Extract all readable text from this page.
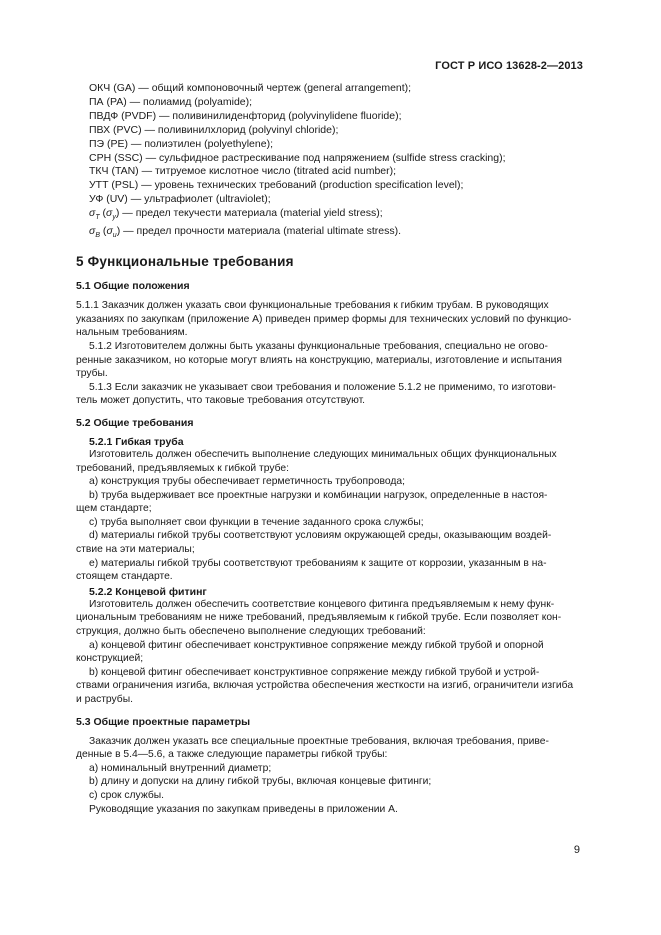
ГОСТ Р ИСО 13628-2—2013
ОКЧ (GA) — общий компоновочный чертеж (general arrangement);
ПА (PA) — полиамид (polyamide);
ПВДФ (PVDF) — поливинилиденфторид (polyvinylidene fluoride);
ПВХ (PVC) — поливинилхлорид (polyvinyl chloride);
ПЭ (PE) — полиэтилен (polyethylene);
СРН (SSC) — сульфидное растрескивание под напряжением (sulfide stress cracking);
ТКЧ (TAN) — титруемое кислотное число (titrated acid number);
УТТ (PSL) — уровень технических требований (production specification level);
УФ (UV) — ультрафиолет (ultraviolet);
$\sigma_T$ $(\sigma_y)$ — предел текучести материала (material yield stress);
$\sigma_B$ $(\sigma_u)$ — предел прочности материала (material ultimate stress).
5 Функциональные требования
5.1 Общие положения
5.1.1 Заказчик должен указать свои функциональные требования к гибким трубам. В руководящих
указаниях по закупкам (приложение А) приведен пример формы для технических условий по функцио-
нальным требованиям.
5.1.2 Изготовителем должны быть указаны функциональные требования, специально не огово-
ренные заказчиком, но которые могут влиять на конструкцию, материалы, изготовление и испытания
трубы.
5.1.3 Если заказчик не указывает свои требования и положение 5.1.2 не применимо, то изготови-
тель может допустить, что таковые требования отсутствуют.
5.2 Общие требования
5.2.1 Гибкая труба
Изготовитель должен обеспечить выполнение следующих минимальных общих функциональных
требований, предъявляемых к гибкой трубе:
а) конструкция трубы обеспечивает герметичность трубопровода;
b) труба выдерживает все проектные нагрузки и комбинации нагрузок, определенные в настоя-
щем стандарте;
с) труба выполняет свои функции в течение заданного срока службы;
d) материалы гибкой трубы соответствуют условиям окружающей среды, оказывающим воздей-
ствие на эти материалы;
е) материалы гибкой трубы соответствуют требованиям к защите от коррозии, указанным в на-
стоящем стандарте.
5.2.2 Концевой фитинг
Изготовитель должен обеспечить соответствие концевого фитинга предъявляемым к нему функ-
циональным требованиям не ниже требований, предъявляемым к гибкой трубе. Если позволяет кон-
струкция, должно быть обеспечено выполнение следующих требований:
а) концевой фитинг обеспечивает конструктивное сопряжение между гибкой трубой и опорной
конструкцией;
b) концевой фитинг обеспечивает конструктивное сопряжение между гибкой трубой и устрой-
ствами ограничения изгиба, включая устройства обеспечения жесткости на изгиб, ограничители изгиба
и раструбы.
5.3 Общие проектные параметры
Заказчик должен указать все специальные проектные требования, включая требования, приве-
денные в 5.4—5.6, а также следующие параметры гибкой трубы:
а) номинальный внутренний диаметр;
b) длину и допуски на длину гибкой трубы, включая концевые фитинги;
с) срок службы.
Руководящие указания по закупкам приведены в приложении А.
9
